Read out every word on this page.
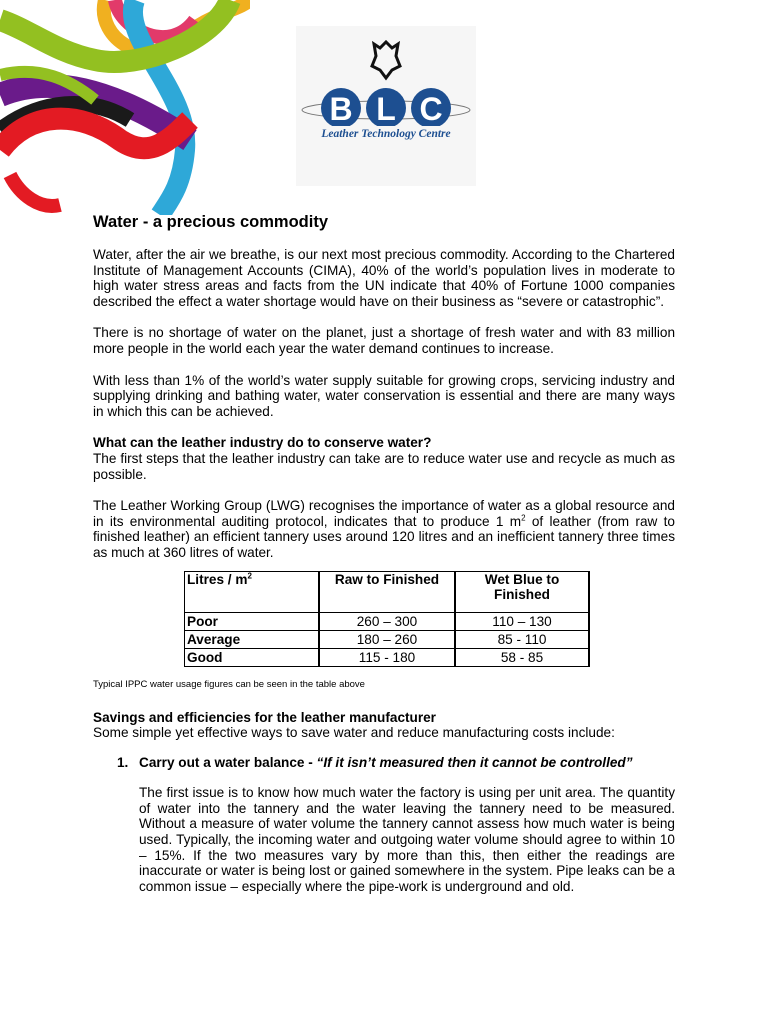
B L C
Leather Technology Centre
Water - a precious commodity

Water, after the air we breathe, is our next most precious commodity. According to the Chartered Institute of Management Accounts (CIMA), 40% of the world’s population lives in moderate to high water stress areas and facts from the UN indicate that 40% of Fortune 1000 companies described the effect a water shortage would have on their business as “severe or catastrophic”.

There is no shortage of water on the planet, just a shortage of fresh water and with 83 million more people in the world each year the water demand continues to increase.

With less than 1% of the world’s water supply suitable for growing crops, servicing industry and supplying drinking and bathing water, water conservation is essential and there are many ways in which this can be achieved.

What can the leather industry do to conserve water?

The first steps that the leather industry can take are to reduce water use and recycle as much as possible.

The Leather Working Group (LWG) recognises the importance of water as a global resource and in its environmental auditing protocol, indicates that to produce 1 $m^2$ of leather (from raw to finished leather) an efficient tannery uses around 120 litres and an inefficient tannery three times as much at 360 litres of water.

Litres / $m^2$	Raw to Finished	Wet Blue to Finished
Poor	260 – 300	110 – 130
Average	180 – 260	85 - 110
Good	115 - 180	58 - 85
Typical IPPC water usage figures can be seen in the table above
Savings and efficiencies for the leather manufacturer

Some simple yet effective ways to save water and reduce manufacturing costs include:

1. Carry out a water balance - “If it isn’t measured then it cannot be controlled”
The first issue is to know how much water the factory is using per unit area. The quantity of water into the tannery and the water leaving the tannery need to be measured. Without a measure of water volume the tannery cannot assess how much water is being used. Typically, the incoming water and outgoing water volume should agree to within 10 – 15%. If the two measures vary by more than this, then either the readings are inaccurate or water is being lost or gained somewhere in the system. Pipe leaks can be a common issue – especially where the pipe-work is underground and old.
